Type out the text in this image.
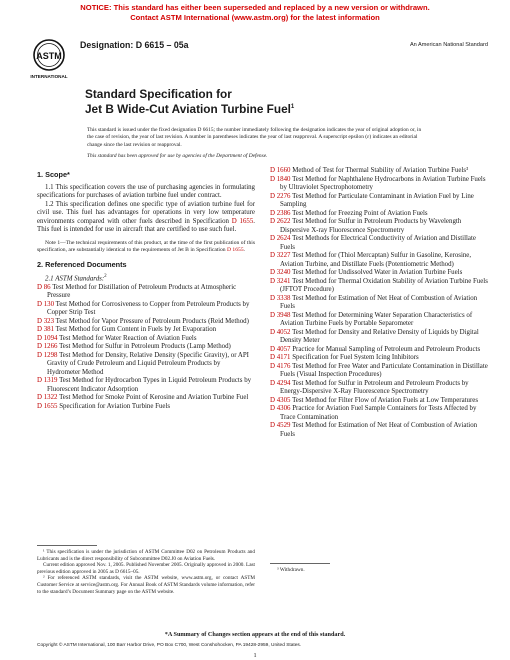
NOTICE: This standard has either been superseded and replaced by a new version or withdrawn.
Contact ASTM International (www.astm.org) for the latest information
ASTM
INTERNATIONAL
Designation: D 6615 – 05a	An American National Standard
Standard Specification for
Jet B Wide-Cut Aviation Turbine Fuel$^1$
This standard is issued under the fixed designation D 6615; the number immediately following the designation indicates the year of original adoption or, in the case of revision, the year of last revision. A number in parentheses indicates the year of last reapproval. A superscript epsilon (ε) indicates an editorial change since the last revision or reapproval.
This standard has been approved for use by agencies of the Department of Defense.
1. Scope*

1.1 This specification covers the use of purchasing agencies in formulating specifications for purchases of aviation turbine fuel under contract.

1.2 This specification defines one specific type of aviation turbine fuel for civil use. This fuel has advantages for operations in very low temperature environments compared with other fuels described in Specification D 1655. This fuel is intended for use in aircraft that are certified to use such fuel.

Note 1—The technical requirements of this product, at the time of the first publication of this specification, are substantially identical to the requirements of Jet B in Specification D 1655.
2. Referenced Documents

2.1 ASTM Standards:$^2$

D 86 Test Method for Distillation of Petroleum Products at Atmospheric Pressure
D 130 Test Method for Corrosiveness to Copper from Petroleum Products by Copper Strip Test
D 323 Test Method for Vapor Pressure of Petroleum Products (Reid Method)
D 381 Test Method for Gum Content in Fuels by Jet Evaporation
D 1094 Test Method for Water Reaction of Aviation Fuels
D 1266 Test Method for Sulfur in Petroleum Products (Lamp Method)
D 1298 Test Method for Density, Relative Density (Specific Gravity), or API Gravity of Crude Petroleum and Liquid Petroleum Products by Hydrometer Method
D 1319 Test Method for Hydrocarbon Types in Liquid Petroleum Products by Fluorescent Indicator Adsorption
D 1322 Test Method for Smoke Point of Kerosine and Aviation Turbine Fuel
D 1655 Specification for Aviation Turbine Fuels
D 1660 Method of Test for Thermal Stability of Aviation Turbine Fuels³
D 1840 Test Method for Naphthalene Hydrocarbons in Aviation Turbine Fuels by Ultraviolet Spectrophotometry
D 2276 Test Method for Particulate Contaminant in Aviation Fuel by Line Sampling
D 2386 Test Method for Freezing Point of Aviation Fuels
D 2622 Test Method for Sulfur in Petroleum Products by Wavelength Dispersive X-ray Fluorescence Spectrometry
D 2624 Test Methods for Electrical Conductivity of Aviation and Distillate Fuels
D 3227 Test Method for (Thiol Mercaptan) Sulfur in Gasoline, Kerosine, Aviation Turbine, and Distillate Fuels (Potentiometric Method)
D 3240 Test Method for Undissolved Water in Aviation Turbine Fuels
D 3241 Test Method for Thermal Oxidation Stability of Aviation Turbine Fuels (JFTOT Procedure)
D 3338 Test Method for Estimation of Net Heat of Combustion of Aviation Fuels
D 3948 Test Method for Determining Water Separation Characteristics of Aviation Turbine Fuels by Portable Separometer
D 4052 Test Method for Density and Relative Density of Liquids by Digital Density Meter
D 4057 Practice for Manual Sampling of Petroleum and Petroleum Products
D 4171 Specification for Fuel System Icing Inhibitors
D 4176 Test Method for Free Water and Particulate Contamination in Distillate Fuels (Visual Inspection Procedures)
D 4294 Test Method for Sulfur in Petroleum and Petroleum Products by Energy-Dispersive X-Ray Fluorescence Spectrometry
D 4305 Test Method for Filter Flow of Aviation Fuels at Low Temperatures
D 4306 Practice for Aviation Fuel Sample Containers for Tests Affected by Trace Contamination
D 4529 Test Method for Estimation of Net Heat of Combustion of Aviation Fuels

¹ This specification is under the jurisdiction of ASTM Committee D02 on Petroleum Products and Lubricants and is the direct responsibility of Subcommittee D02.J0 on Aviation Fuels.

Current edition approved Nov. 1, 2005. Published November 2005. Originally approved in 2000. Last previous edition approved in 2005 as D 6615–05.

² For referenced ASTM standards, visit the ASTM website, www.astm.org, or contact ASTM Customer Service at service@astm.org. For Annual Book of ASTM Standards volume information, refer to the standard’s Document Summary page on the ASTM website.

³ Withdrawn.
*A Summary of Changes section appears at the end of this standard.
Copyright © ASTM International, 100 Barr Harbor Drive, PO Box C700, West Conshohocken, PA 19428-2959, United States.
1
